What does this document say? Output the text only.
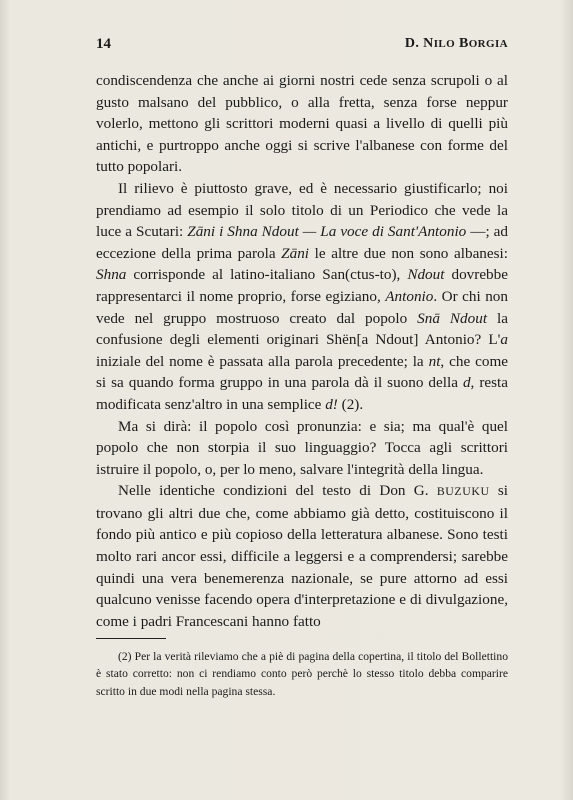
14	D. NILO BORGIA

condiscendenza che anche ai giorni nostri cede senza scrupoli o al gusto malsano del pubblico, o alla fretta, senza forse neppur volerlo, mettono gli scrittori moderni quasi a livello di quelli più antichi, e purtroppo anche oggi si scrive l'albanese con forme del tutto popolari.

Il rilievo è piuttosto grave, ed è necessario giustificarlo; noi prendiamo ad esempio il solo titolo di un Periodico che vede la luce a Scutari: Zāni i Shna Ndout — La voce di Sant'Antonio —; ad eccezione della prima parola Zāni le altre due non sono albanesi: Shna corrisponde al latino-italiano San(ctus-to), Ndout dovrebbe rappresentarci il nome proprio, forse egiziano, Antonio. Or chi non vede nel gruppo mostruoso creato dal popolo Snā Ndout la confusione degli elementi originari Shën[a Ndout] Antonio? L'a iniziale del nome è passata alla parola precedente; la nt, che come si sa quando forma gruppo in una parola dà il suono della d, resta modificata senz'altro in una semplice d! (2).

Ma si dirà: il popolo così pronunzia: e sia; ma qual'è quel popolo che non storpia il suo linguaggio? Tocca agli scrittori istruire il popolo, o, per lo meno, salvare l'integrità della lingua.

Nelle identiche condizioni del testo di Don G. BUZUKU si trovano gli altri due che, come abbiamo già detto, costituiscono il fondo più antico e più copioso della letteratura albanese. Sono testi molto rari ancor essi, difficile a leggersi e a comprendersi; sarebbe quindi una vera benemerenza nazionale, se pure attorno ad essi qualcuno venisse facendo opera d'interpretazione e di divulgazione, come i padri Francescani hanno fatto

(2) Per la verità rileviamo che a piè di pagina della copertina, il titolo del Bollettino è stato corretto: non ci rendiamo conto però perchè lo stesso titolo debba comparire scritto in due modi nella pagina stessa.
